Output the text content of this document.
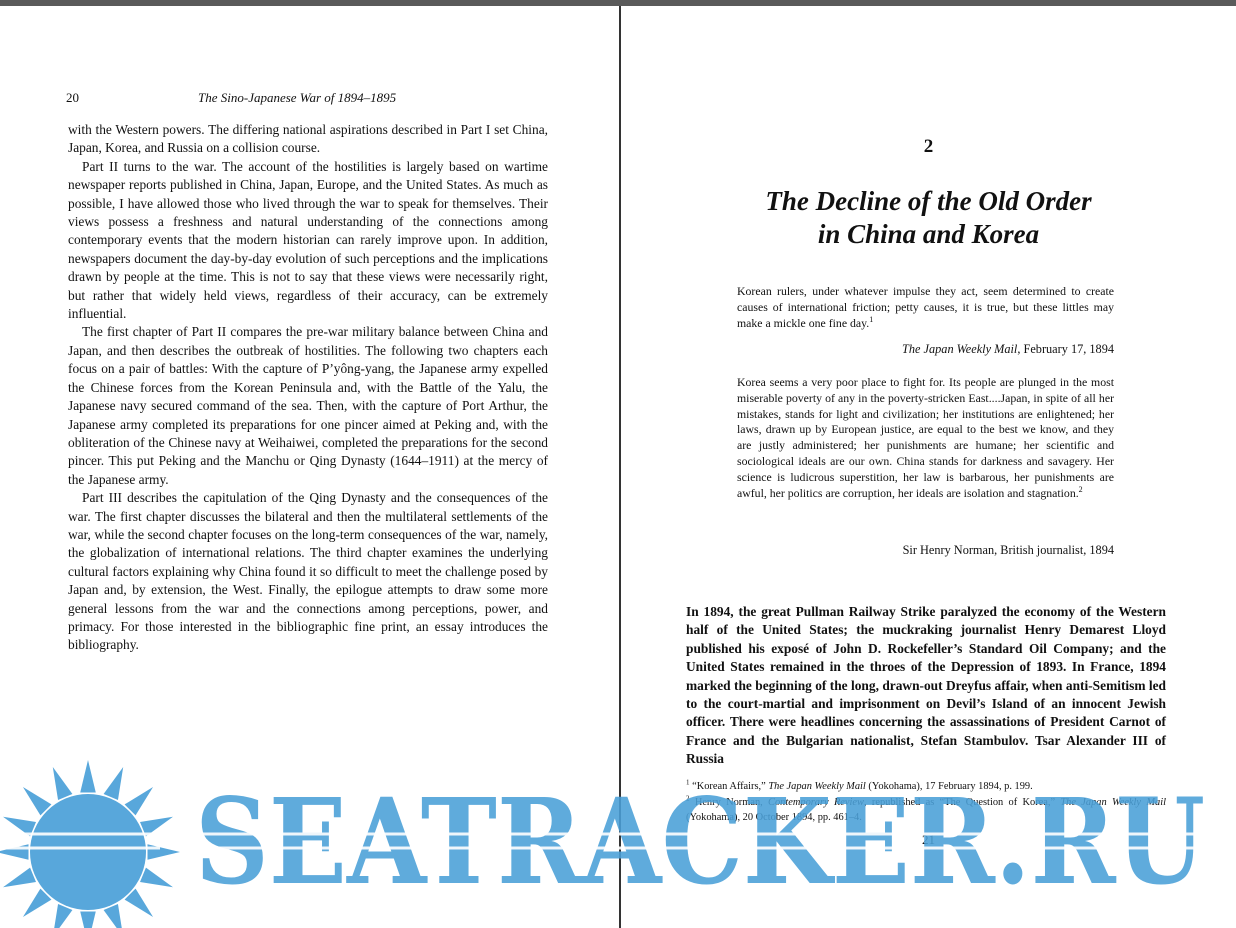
20	The Sino-Japanese War of 1894–1895

with the Western powers. The differing national aspirations described in Part I set China, Japan, Korea, and Russia on a collision course.

Part II turns to the war. The account of the hostilities is largely based on wartime newspaper reports published in China, Japan, Europe, and the United States. As much as possible, I have allowed those who lived through the war to speak for themselves. Their views possess a freshness and natural understanding of the connections among contemporary events that the modern historian can rarely improve upon. In addition, newspapers document the day-by-day evolution of such perceptions and the implications drawn by people at the time. This is not to say that these views were necessarily right, but rather that widely held views, regardless of their accuracy, can be extremely influential.

The first chapter of Part II compares the pre-war military balance between China and Japan, and then describes the outbreak of hostilities. The following two chapters each focus on a pair of battles: With the capture of P’yông-yang, the Japanese army expelled the Chinese forces from the Korean Peninsula and, with the Battle of the Yalu, the Japanese navy secured command of the sea. Then, with the capture of Port Arthur, the Japanese army completed its preparations for one pincer aimed at Peking and, with the obliteration of the Chinese navy at Weihaiwei, completed the preparations for the second pincer. This put Peking and the Manchu or Qing Dynasty (1644–1911) at the mercy of the Japanese army.

Part III describes the capitulation of the Qing Dynasty and the consequences of the war. The first chapter discusses the bilateral and then the multilateral settlements of the war, while the second chapter focuses on the long-term consequences of the war, namely, the globalization of international relations. The third chapter examines the underlying cultural factors explaining why China found it so difficult to meet the challenge posed by Japan and, by extension, the West. Finally, the epilogue attempts to draw some more general lessons from the war and the connections among perceptions, power, and primacy. For those interested in the bibliographic fine print, an essay introduces the bibliography.

2
The Decline of the Old Order
in China and Korea
Korean rulers, under whatever impulse they act, seem determined to create causes of international friction; petty causes, it is true, but these littles may make a mickle one fine day.$^1$
The Japan Weekly Mail, February 17, 1894
Korea seems a very poor place to fight for. Its people are plunged in the most miserable poverty of any in the poverty-stricken East....Japan, in spite of all her mistakes, stands for light and civilization; her institutions are enlightened; her laws, drawn up by European justice, are equal to the best we know, and they are justly administered; her punishments are humane; her scientific and sociological ideals are our own. China stands for darkness and savagery. Her science is ludicrous superstition, her law is barbarous, her punishments are awful, her politics are corruption, her ideals are isolation and stagnation.$^2$
Sir Henry Norman, British journalist, 1894

In 1894, the great Pullman Railway Strike paralyzed the economy of the Western half of the United States; the muckraking journalist Henry Demarest Lloyd published his exposé of John D. Rockefeller’s Standard Oil Company; and the United States remained in the throes of the Depression of 1893. In France, 1894 marked the beginning of the long, drawn-out Dreyfus affair, when anti-Semitism led to the court-martial and imprisonment on Devil’s Island of an innocent Jewish officer. There were headlines concerning the assassinations of President Carnot of France and the Bulgarian nationalist, Stefan Stambulov. Tsar Alexander III of Russia

$^1$ “Korean Affairs,” The Japan Weekly Mail (Yokohama), 17 February 1894, p. 199.

$^2$ Henry Norman, Contemporary Review, republished as “The Question of Korea,” The Japan Weekly Mail (Yokohama), 20 October 1894, pp. 461–4.

21
SEATRACKER.RU
